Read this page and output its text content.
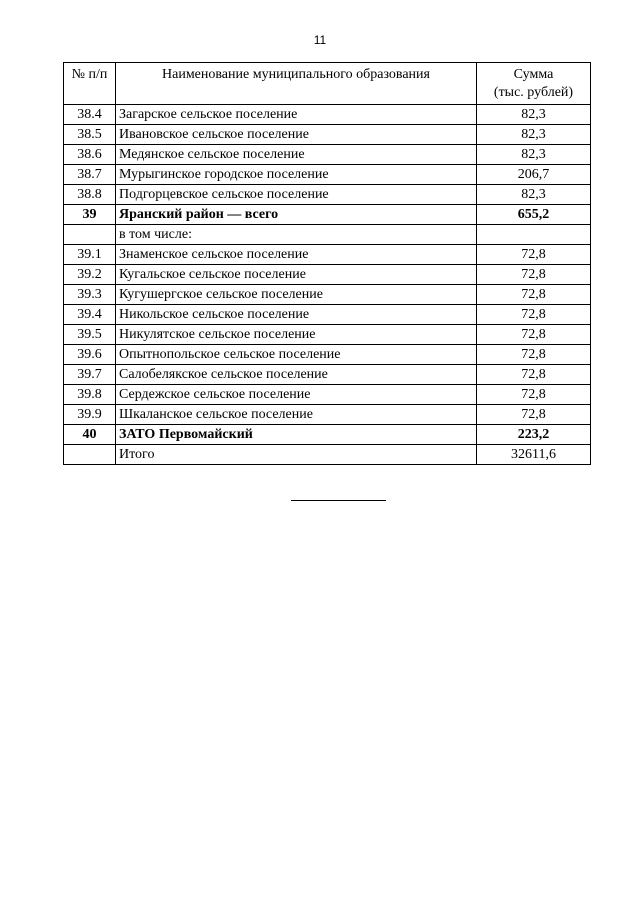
11
№ п/п	Наименование муниципального образования	Сумма
(тыс. рублей)

38.4	Загарское сельское поселение	82,3
38.5	Ивановское сельское поселение	82,3
38.6	Медянское сельское поселение	82,3
38.7	Мурыгинское городское поселение	206,7
38.8	Подгорцевское сельское поселение	82,3
39	Яранский район — всего	655,2
	в том числе:	
39.1	Знаменское сельское поселение	72,8
39.2	Кугальское сельское поселение	72,8
39.3	Кугушергское сельское поселение	72,8
39.4	Никольское сельское поселение	72,8
39.5	Никулятское сельское поселение	72,8
39.6	Опытнопольское сельское поселение	72,8
39.7	Салобелякское сельское поселение	72,8
39.8	Сердежское сельское поселение	72,8
39.9	Шкаланское сельское поселение	72,8
40	ЗАТО Первомайский	223,2
	Итого	32611,6
